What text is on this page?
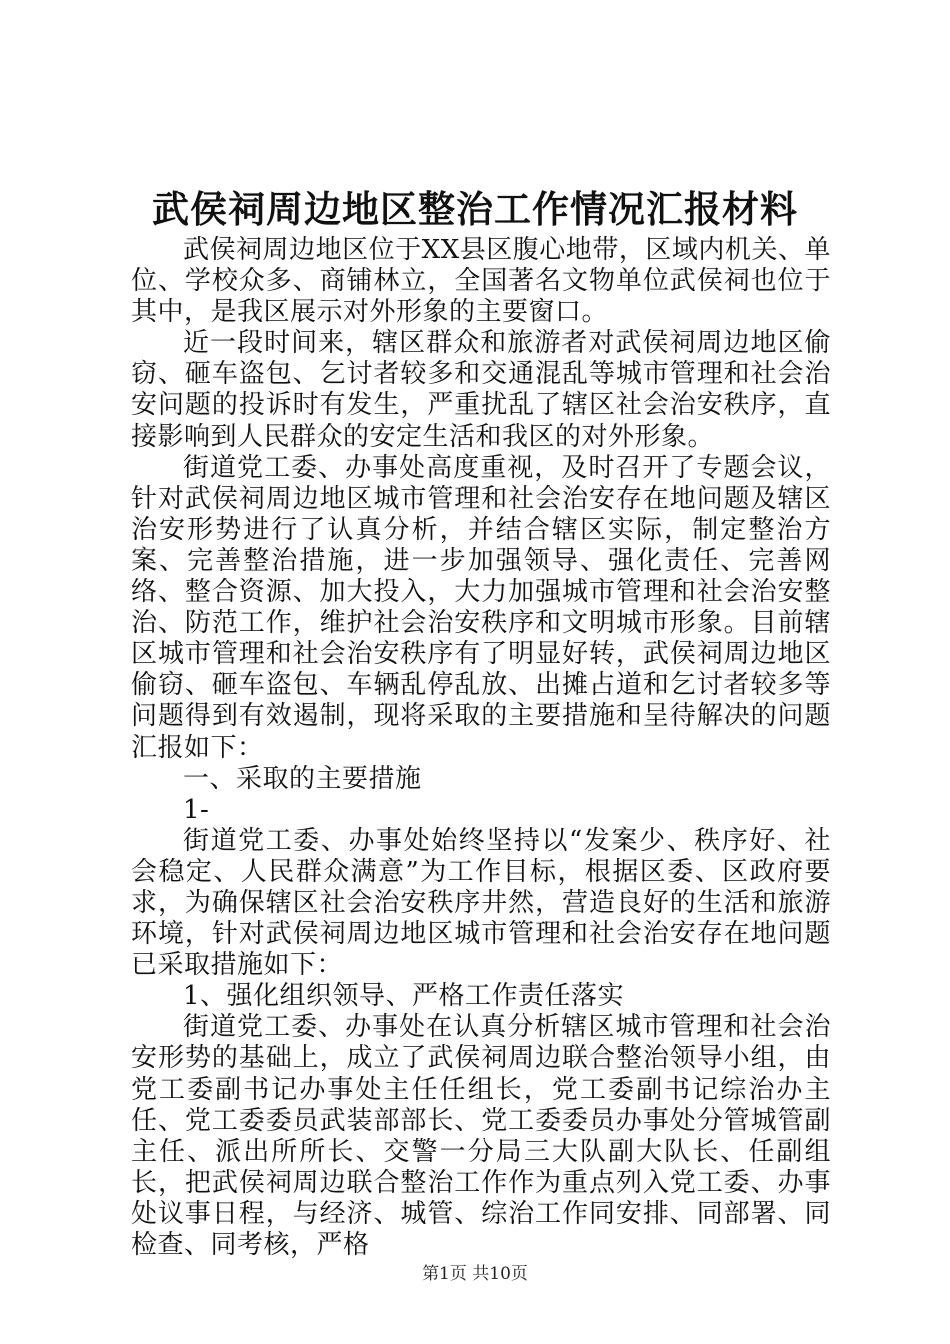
武侯祠周边地区整治工作情况汇报材料

武侯祠周边地区位于XX县区腹心地带，区域内机关、单位、学校众多、商铺林立，全国著名文物单位武侯祠也位于其中，是我区展示对外形象的主要窗口。

近一段时间来，辖区群众和旅游者对武侯祠周边地区偷窃、砸车盗包、乞讨者较多和交通混乱等城市管理和社会治安问题的投诉时有发生，严重扰乱了辖区社会治安秩序，直接影响到人民群众的安定生活和我区的对外形象。

街道党工委、办事处高度重视，及时召开了专题会议，针对武侯祠周边地区城市管理和社会治安存在地问题及辖区治安形势进行了认真分析，并结合辖区实际，制定整治方案、完善整治措施，进一步加强领导、强化责任、完善网络、整合资源、加大投入，大力加强城市管理和社会治安整治、防范工作，维护社会治安秩序和文明城市形象。目前辖区城市管理和社会治安秩序有了明显好转，武侯祠周边地区偷窃、砸车盗包、车辆乱停乱放、出摊占道和乞讨者较多等问题得到有效遏制，现将采取的主要措施和呈待解决的问题汇报如下：

一、采取的主要措施

1-

街道党工委、办事处始终坚持以“发案少、秩序好、社会稳定、人民群众满意”为工作目标，根据区委、区政府要求，为确保辖区社会治安秩序井然，营造良好的生活和旅游环境，针对武侯祠周边地区城市管理和社会治安存在地问题已采取措施如下：

1、强化组织领导、严格工作责任落实

街道党工委、办事处在认真分析辖区城市管理和社会治安形势的基础上，成立了武侯祠周边联合整治领导小组，由党工委副书记办事处主任任组长，党工委副书记综治办主任、党工委委员武装部部长、党工委委员办事处分管城管副主任、派出所所长、交警一分局三大队副大队长、任副组长，把武侯祠周边联合整治工作作为重点列入党工委、办事处议事日程，与经济、城管、综治工作同安排、同部署、同检查、同考核，严格

第1页 共10页
